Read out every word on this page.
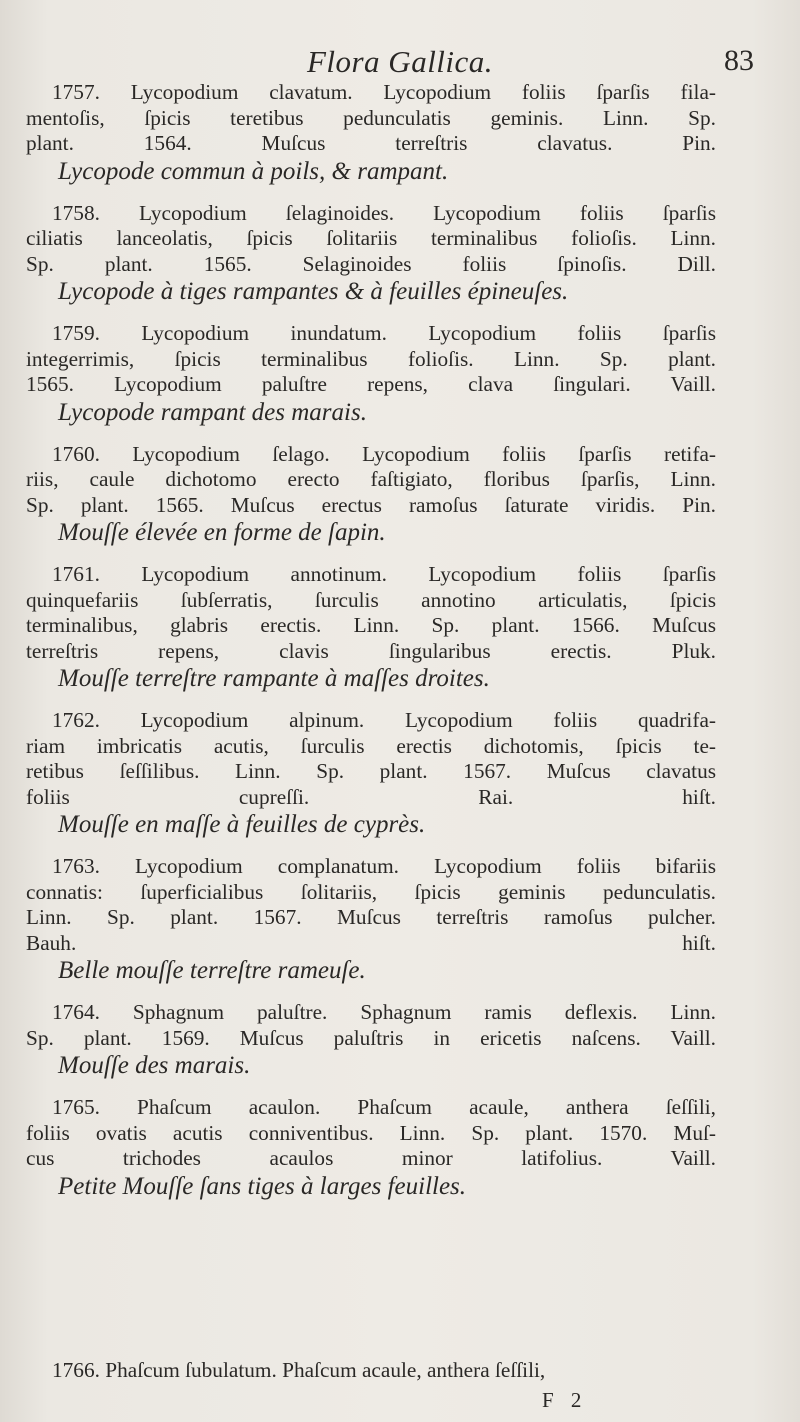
Flora Gallica.	83
1757. Lycopodium clavatum. Lycopodium foliis ſparſis fila-
mentoſis, ſpicis teretibus pedunculatis geminis. Linn. Sp.
plant. 1564. Muſcus terreſtris clavatus. Pin.
Lycopode commun à poils, & rampant.
1758. Lycopodium ſelaginoides. Lycopodium foliis ſparſis
ciliatis lanceolatis, ſpicis ſolitariis terminalibus folioſis. Linn.
Sp. plant. 1565. Selaginoides foliis ſpinoſis. Dill.
Lycopode à tiges rampantes & à feuilles épineuſes.
1759. Lycopodium inundatum. Lycopodium foliis ſparſis
integerrimis, ſpicis terminalibus folioſis. Linn. Sp. plant.
1565. Lycopodium paluſtre repens, clava ſingulari. Vaill.
Lycopode rampant des marais.
1760. Lycopodium ſelago. Lycopodium foliis ſparſis retifa-
riis, caule dichotomo erecto faſtigiato, floribus ſparſis, Linn.
Sp. plant. 1565. Muſcus erectus ramoſus ſaturate viridis. Pin.
Mouſſe élevée en forme de ſapin.
1761. Lycopodium annotinum. Lycopodium foliis ſparſis
quinquefariis ſubſerratis, ſurculis annotino articulatis, ſpicis
terminalibus, glabris erectis. Linn. Sp. plant. 1566. Muſcus
terreſtris repens, clavis ſingularibus erectis. Pluk.
Mouſſe terreſtre rampante à maſſes droites.
1762. Lycopodium alpinum. Lycopodium foliis quadrifa-
riam imbricatis acutis, ſurculis erectis dichotomis, ſpicis te-
retibus ſeſſilibus. Linn. Sp. plant. 1567. Muſcus clavatus
foliis cupreſſi. Rai. hiſt.
Mouſſe en maſſe à feuilles de cyprès.
1763. Lycopodium complanatum. Lycopodium foliis bifariis
connatis: ſuperficialibus ſolitariis, ſpicis geminis pedunculatis.
Linn. Sp. plant. 1567. Muſcus terreſtris ramoſus pulcher.
Bauh. hiſt.
Belle mouſſe terreſtre rameuſe.
1764. Sphagnum paluſtre. Sphagnum ramis deflexis. Linn.
Sp. plant. 1569. Muſcus paluſtris in ericetis naſcens. Vaill.
Mouſſe des marais.
1765. Phaſcum acaulon. Phaſcum acaule, anthera ſeſſili,
foliis ovatis acutis conniventibus. Linn. Sp. plant. 1570. Muſ-
cus trichodes acaulos minor latifolius. Vaill.
Petite Mouſſe ſans tiges à larges feuilles.
1766. Phaſcum ſubulatum. Phaſcum acaule, anthera ſeſſili,
F 2
